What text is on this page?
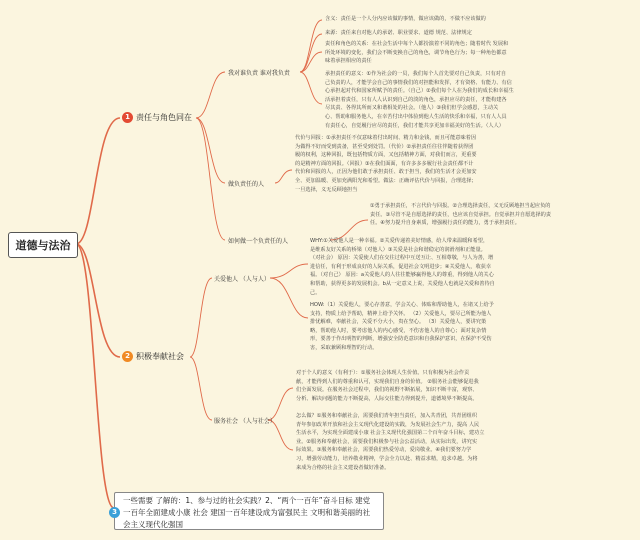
道德与法治
1 责任与角色同在
2 积极奉献社会
3
一些需要 了解的：1、参与过的社会实践？2、“两个一百年”奋斗目标 建党一百年全面建成小康 社会 建国一百年建设成为富强民主 文明和谐美丽的社会主义现代化强国
我对谁负责 谁对我负责
做负责任的人
如何做一个负责任的人
关爱他人 （人与人）
服务社会 （人与社会）
含义：责任是一个人分内应该做的事情，做应该做的，不做不应该做的
来源：责任来自对他人的承诺、职业要求、道德 规范、法律规定
责任和角色的关系：在社会生活中每个人都扮演着不同的角色；随着时代 发展和
所处环境的变化，我们会不断变换自己的角色，调节角色行为；每一种角色都意
味着承担相应的责任
承担责任的意义：①作为社会的一员，我们每个人首先要对自己负责，只有对自
己负责的人，才能学会自己的事情我们的对担能和发挥，才有资格、有能力、有信
心承担起对代和国家所赋予的责任。（自己）②我们每个人在为我们的成长和幸福生
活承担着责任，只有人人认识到自己的淡的角色，承担应尽的责任，才能构建各
尽其责、各得其所而又和谐相处的社会。（他人）③我们但学会感恩，主动关
心、帮助和服务他人，在幸苦付出中体验到他人生活的快乐和幸福，只有人人具
有责任心，自觉履行应尽的责任，我们才能共享更加幸福美好的生活。（人人）
代价与回报：①承担责任不仅意味着付出时间、精力和金钱，而且可能意味着因
为做得不好而受到责备，甚至受到处罚。（代价）②承担责任往往伴随着获得团
履的权利，这种回报，既包括物质方面，又包括精神方面，对我们而言，更重要
的是精神方面的回报。（回报）③在我们面面，有许多多多履行社会责任都不计
代价和回报的人，正因为他们敢于承担责任、敢于担当，我们的生活才会更加安
全、更加温暖、更加充满阳光和希望。做法：正确评估代价与回报，合理选择；
一旦选择，义无反顾地担当
①勇于承担责任，不言代价与回报。②合理选择责任，义无反顾地担当起应负的
责任。③尽管不是自愿选择的责任，也应该自觉承担。自觉承担并自愿选择的责
任。④努力提升自身素质，增强履行责任的能力，勇于承担责任。
WHY:①关爱他人是一种幸福。②关爱传递着美好情感，给人带来温暖和希望，
是维系友好关系的桥梁（对他人）③关爱是社会和谐稳定的润滑剂和正能量。
（对社会） 原因：关爱使人们在交往过程中互送互让、互相尊敬，与人为善，增
进信任，有利于形成良好的人际关系，促进社会文明进步；④关爱他人，收获幸
福。（对自己） 原因：a关爱他人的人往往能够赢得他人的尊重，得到他人的关心
和帮助，获得更多的发展机会。b从一定意义上说，关爱他人也就是关爱和善待自
己。
HOW:（1）关爱他人，要心存善意，学会关心、体贴和帮助他人，在诸又上给予
支持，物质上给予帮助，精神上给予关怀。 （2）关爱他人，要尽己所能为他人
排忧解难，奉献社会，关爱不分大小，贵在坚心。 （3）关爱他人，要讲究策
略，帮助他人时，要考虑他人的内心感受，不伤害他人的自尊心；面对复杂情
形，要善于作出明智的判断，增强安全防范意识和自我保护意识，在保护不受伤
害，采取兼顾和理智的行动。
对于个人的意义（有利于）：①服务社会体现人生价值。只有积极为社会作贡
献，才能得到人们的尊重和认可，实现我们自身的价值。 ②服务社会能够促进我
们全面发展。在服务社会过程中，我们的视野不断拓展，知识不断丰富，观察、
分析、解决问题的能力不断提高，人际交往能力得到提升，道德境界不断提高。
怎么做？①服务和奉献社会，需要我们青年担当责任，加入共青团，共青团组织
青年参加改革开放和社会主义现代化建设的实践，为发展社会生产力，提高 人民
生活水平，为实现全面建成小康 社会主义现代化强国第二个百年奋斗目标，建功立
业。②服务和奉献社会，需要我们积极参与社会公益活动，从实际出发，讲究实
际效果。③服务和奉献社会，需要我们热爱劳动，爱岗敬业。④我们要努力学
习，增强劳动能力，培养敬业精神，学会全力以赴、精益求精，追求卓越。为将
来成为合格的社会主义建设者做好准备。
